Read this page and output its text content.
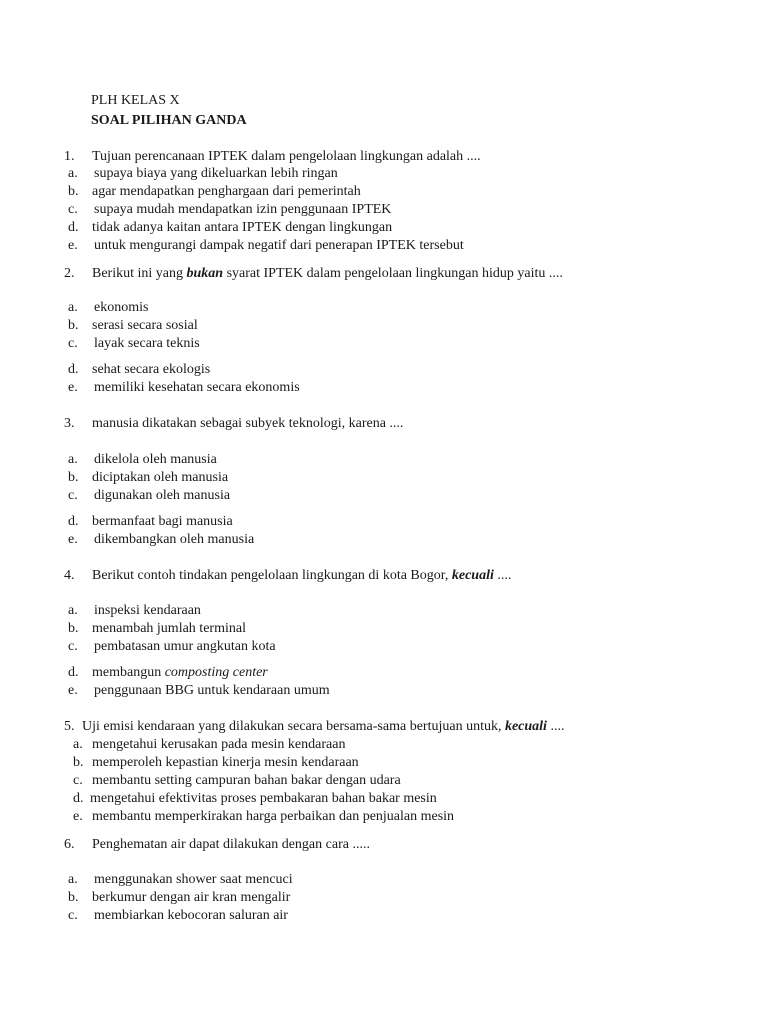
PLH KELAS X
SOAL PILIHAN GANDA
1. Tujuan perencanaan IPTEK dalam pengelolaan lingkungan adalah ....
a. supaya biaya yang dikeluarkan lebih ringan
b. agar mendapatkan penghargaan dari pemerintah
c. supaya mudah mendapatkan izin penggunaan IPTEK
d. tidak adanya kaitan antara IPTEK dengan lingkungan
e. untuk mengurangi dampak negatif dari penerapan IPTEK tersebut
2. Berikut ini yang bukan syarat IPTEK dalam pengelolaan lingkungan hidup yaitu ....
a. ekonomis
b. serasi secara sosial
c. layak secara teknis
d. sehat secara ekologis
e. memiliki kesehatan secara ekonomis
3. manusia dikatakan sebagai subyek teknologi, karena ....
a. dikelola oleh manusia
b. diciptakan oleh manusia
c. digunakan oleh manusia
d. bermanfaat bagi manusia
e. dikembangkan oleh manusia
4. Berikut contoh tindakan pengelolaan lingkungan di kota Bogor, kecuali ....
a. inspeksi kendaraan
b. menambah jumlah terminal
c. pembatasan umur angkutan kota
d. membangun composting center
e. penggunaan BBG untuk kendaraan umum
5. Uji emisi kendaraan yang dilakukan secara bersama-sama bertujuan untuk, kecuali ....
a. mengetahui kerusakan pada mesin kendaraan
b. memperoleh kepastian kinerja mesin kendaraan
c. membantu setting campuran bahan bakar dengan udara
d. mengetahui efektivitas proses pembakaran bahan bakar mesin
e. membantu memperkirakan harga perbaikan dan penjualan mesin
6. Penghematan air dapat dilakukan dengan cara .....
a. menggunakan shower saat mencuci
b. berkumur dengan air kran mengalir
c. membiarkan kebocoran saluran air
